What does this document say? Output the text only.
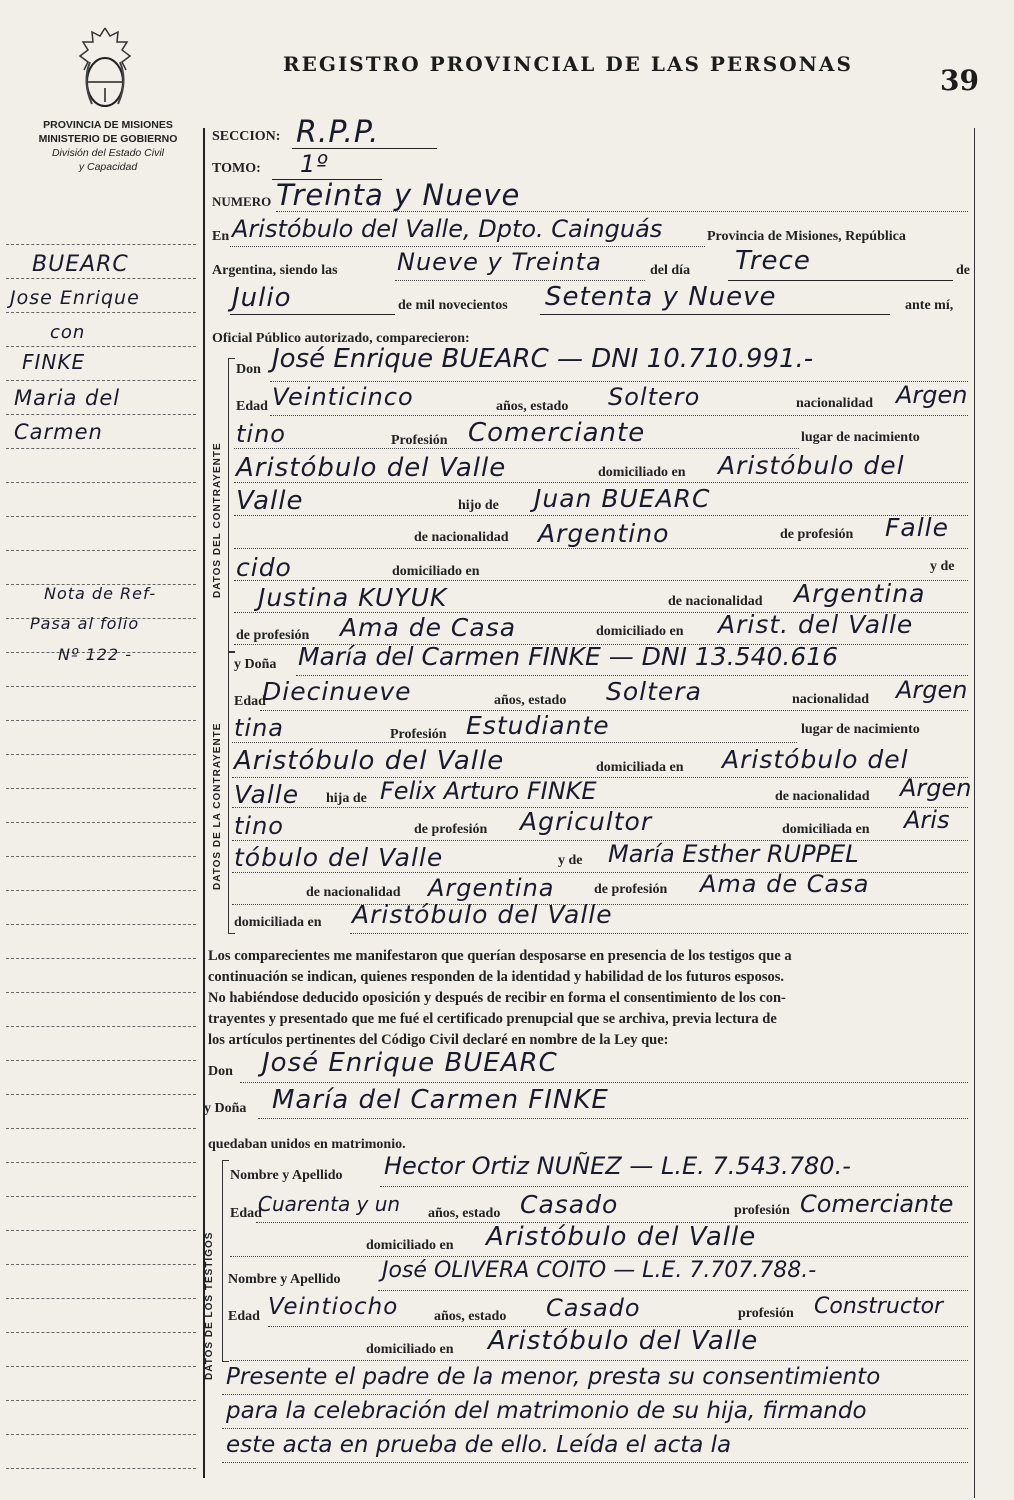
REGISTRO PROVINCIAL DE LAS PERSONAS	39
PROVINCIA DE MISIONES
MINISTERIO DE GOBIERNO
División del Estado Civil
y Capacidad
BUEARC
Jose Enrique
con
FINKE
Maria del
Carmen
Nota de Ref-
Pasa al folio
Nº 122 -
SECCION: R.P.P.
TOMO: 1º
NUMERO Treinta y Nueve
En Aristóbulo del Valle, Dpto. Cainguás	Provincia de Misiones, República
Argentina, siendo las Nueve y Treinta	del día Trece	de
Julio	de mil novecientos Setenta y Nueve	ante mí,
Oficial Público autorizado, comparecieron:
DATOS DEL CONTRAYENTE
Don José Enrique BUEARC — DNI 10.710.991.-
Edad Veinticinco	años, estado Soltero	nacionalidad Argen
tino	Profesión Comerciante	lugar de nacimiento
Aristóbulo del Valle	domiciliado en Aristóbulo del
Valle	hijo de Juan BUEARC
de nacionalidad Argentino	de profesión Falle
cido	domiciliado en	y de
Justina KUYUK	de nacionalidad Argentina
de profesión Ama de Casa	domiciliado en Arist. del Valle
DATOS DE LA CONTRAYENTE
y Doña María del Carmen FINKE — DNI 13.540.616
Edad
Diecinueve	años, estado Soltera	nacionalidad Argen
tina	Profesión Estudiante	lugar de nacimiento
Aristóbulo del Valle	domiciliada en Aristóbulo del
Valle hija de Felix Arturo FINKE	de nacionalidad Argen
tino	de profesión Agricultor	domiciliada en Aris
tóbulo del Valle	y de María Esther RUPPEL
de nacionalidad Argentina	de profesión Ama de Casa
domiciliada en Aristóbulo del Valle
Los comparecientes me manifestaron que querían desposarse en presencia de los testigos que a
continuación se indican, quienes responden de la identidad y habilidad de los futuros esposos.
No habiéndose deducido oposición y después de recibir en forma el consentimiento de los con-
trayentes y presentado que me fué el certificado prenupcial que se archiva, previa lectura de
los artículos pertinentes del Código Civil declaré en nombre de la Ley que:
Don José Enrique BUEARC
y Doña María del Carmen FINKE
quedaban unidos en matrimonio.
DATOS DE LOS TESTIGOS
Nombre y Apellido Hector Ortiz NUÑEZ — L.E. 7.543.780.-
Edad
Cuarenta y un años, estado Casado	profesión Comerciante
domiciliado en Aristóbulo del Valle
Nombre y Apellido José OLIVERA COITO — L.E. 7.707.788.-
Edad Veintiocho	años, estado Casado	profesión Constructor
domiciliado en Aristóbulo del Valle
Presente el padre de la menor, presta su consentimiento
para la celebración del matrimonio de su hija, firmando
este acta en prueba de ello. Leída el acta la
